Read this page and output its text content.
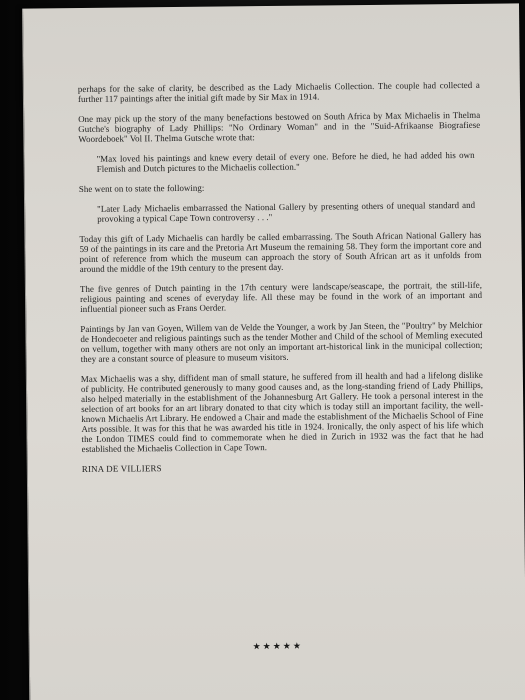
perhaps for the sake of clarity, be described as the Lady Michaelis Collection. The couple had collected a further 117 paintings after the initial gift made by Sir Max in 1914.

One may pick up the story of the many benefactions bestowed on South Africa by Max Michaelis in Thelma Gutche's biography of Lady Phillips: "No Ordinary Woman" and in the "Suid-Afrikaanse Biografiese Woordeboek" Vol II. Thelma Gutsche wrote that:

"Max loved his paintings and knew every detail of every one. Before he died, he had added his own Flemish and Dutch pictures to the Michaelis collection."

She went on to state the following:

"Later Lady Michaelis embarrassed the National Gallery by presenting others of unequal standard and provoking a typical Cape Town controversy . . ."

Today this gift of Lady Michaelis can hardly be called embarrassing. The South African National Gallery has 59 of the paintings in its care and the Pretoria Art Museum the remaining 58. They form the important core and point of reference from which the museum can approach the story of South African art as it unfolds from around the middle of the 19th century to the present day.

The five genres of Dutch painting in the 17th century were landscape/seascape, the portrait, the still-life, religious painting and scenes of everyday life. All these may be found in the work of an important and influential pioneer such as Frans Oerder.

Paintings by Jan van Goyen, Willem van de Velde the Younger, a work by Jan Steen, the "Poultry" by Melchior de Hondecoeter and religious paintings such as the tender Mother and Child of the school of Memling executed on vellum, together with many others are not only an important art-historical link in the municipal collection; they are a constant source of pleasure to museum visitors.

Max Michaelis was a shy, diffident man of small stature, he suffered from ill health and had a lifelong dislike of publicity. He contributed generously to many good causes and, as the long-standing friend of Lady Phillips, also helped materially in the establishment of the Johannesburg Art Gallery. He took a personal interest in the selection of art books for an art library donated to that city which is today still an important facility, the well-known Michaelis Art Library. He endowed a Chair and made the establishment of the Michaelis School of Fine Arts possible. It was for this that he was awarded his title in 1924. Ironically, the only aspect of his life which the London TIMES could find to commemorate when he died in Zurich in 1932 was the fact that he had established the Michaelis Collection in Cape Town.

RINA DE VILLIERS
★★★★★
